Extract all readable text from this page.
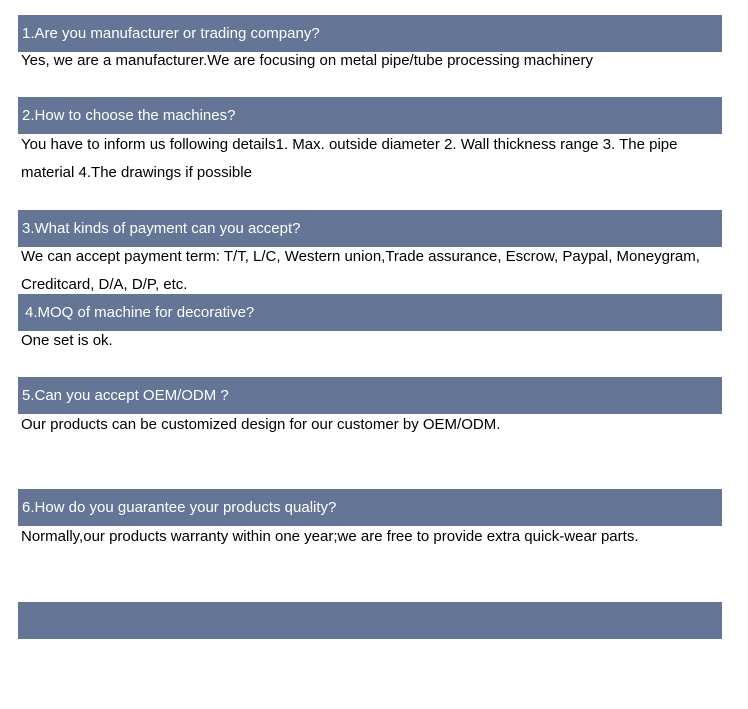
1.Are you manufacturer or trading company?

Yes, we are a manufacturer.We are focusing on metal pipe/tube processing machinery

2.How to choose the machines?

You have to inform us following details1. Max. outside diameter 2. Wall thickness range 3. The pipe material 4.The drawings if possible

3.What kinds of payment can you accept?

We can accept payment term: T/T, L/C, Western union,Trade assurance, Escrow, Paypal, Moneygram, Creditcard, D/A, D/P, etc.

4.MOQ of machine for decorative?

One set is ok.

5.Can you accept OEM/ODM ?

Our products can be customized design for our customer by OEM/ODM.

6.How do you guarantee your products quality?

Normally,our products warranty within one year;we are free to provide extra quick-wear parts.
